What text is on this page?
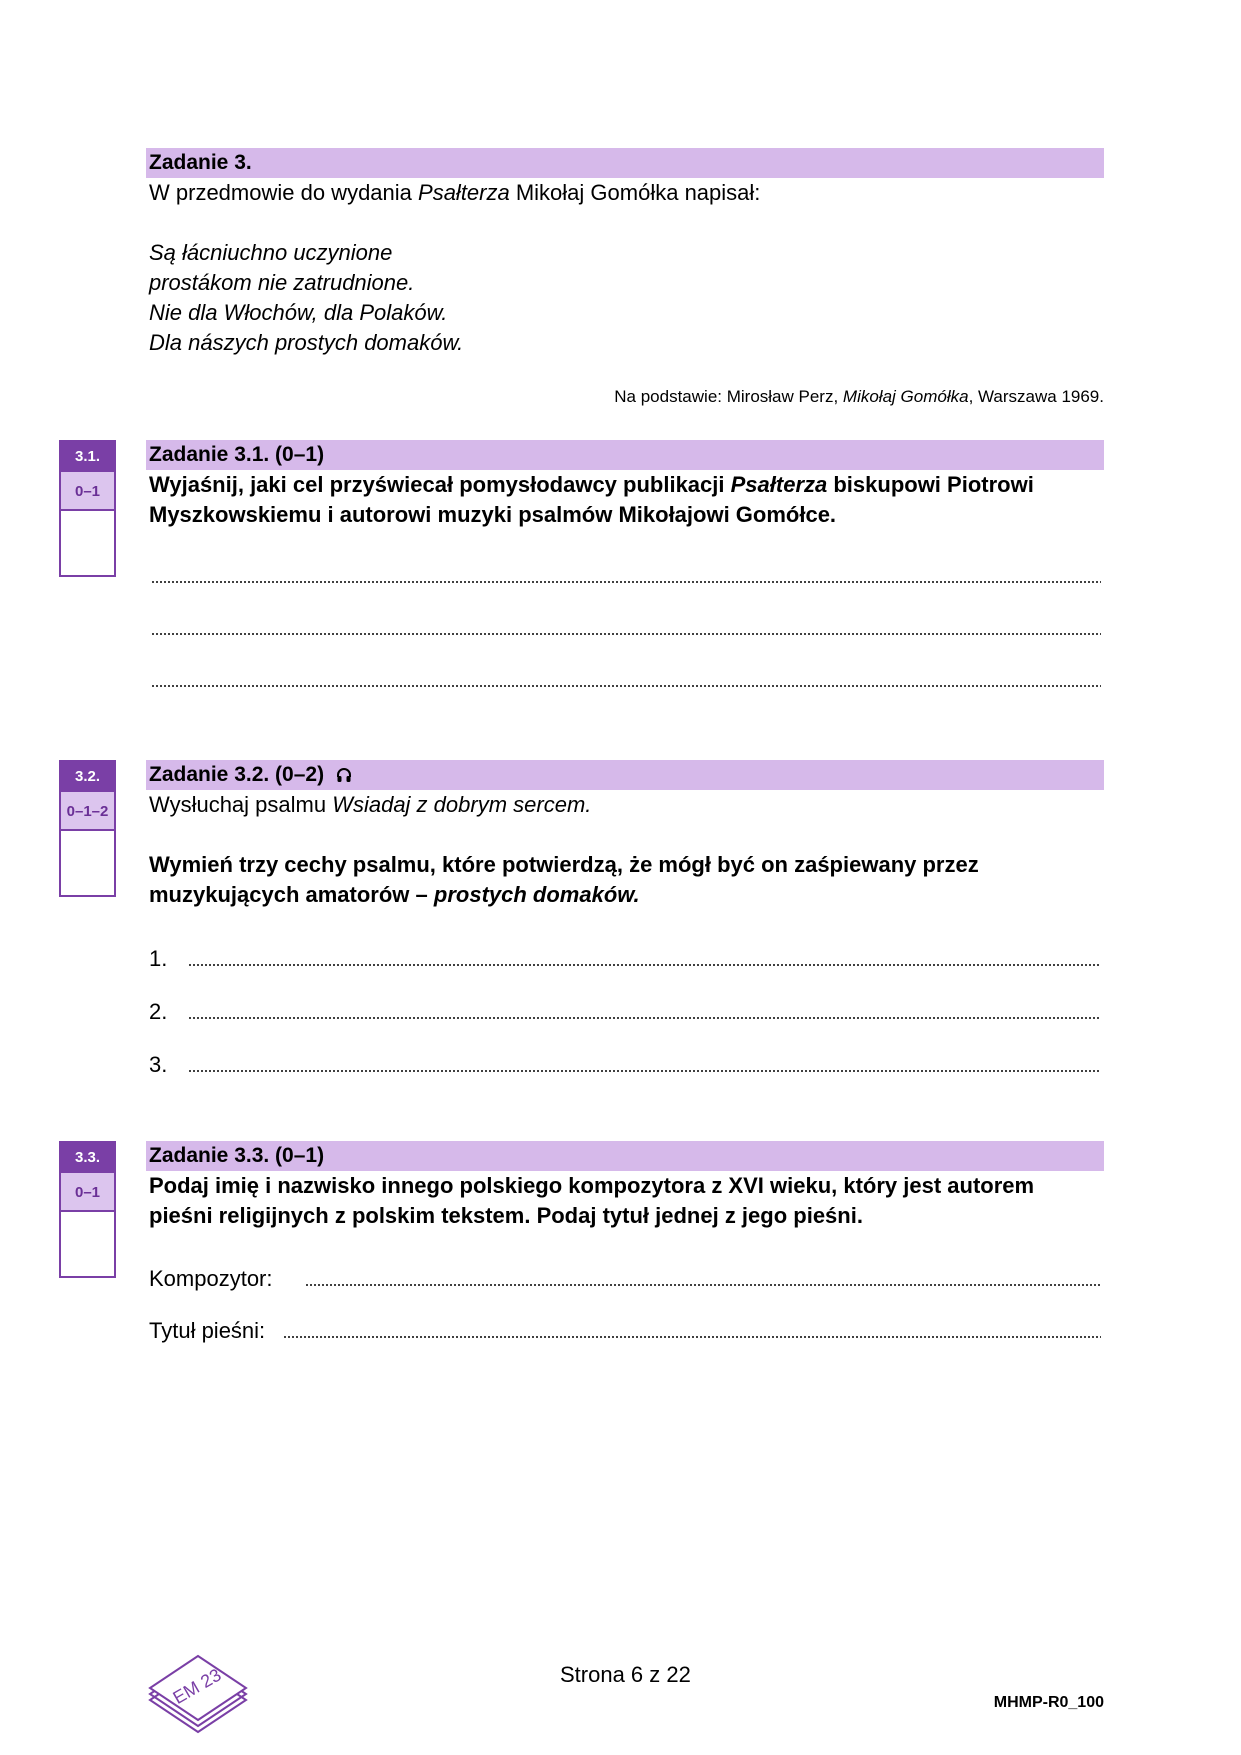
Zadanie 3.
W przedmowie do wydania Psałterza Mikołaj Gomółka napisał:
Są łácniuchno uczynione
prostákom nie zatrudnione.
Nie dla Włochów, dla Polaków.
Dla nászych prostych domaków.
Na podstawie: Mirosław Perz, Mikołaj Gomółka, Warszawa 1969.
3.1.
0–1
Zadanie 3.1. (0–1)
Wyjaśnij, jaki cel przyświecał pomysłodawcy publikacji Psałterza biskupowi Piotrowi
Myszkowskiemu i autorowi muzyki psalmów Mikołajowi Gomółce.
3.2.
0–1–2
Zadanie 3.2. (0–2)
Wysłuchaj psalmu Wsiadaj z dobrym sercem.
Wymień trzy cechy psalmu, które potwierdzą, że mógł być on zaśpiewany przez
muzykujących amatorów – prostych domaków.
1.
2.
3.
3.3.
0–1
Zadanie 3.3. (0–1)
Podaj imię i nazwisko innego polskiego kompozytora z XVI wieku, który jest autorem
pieśni religijnych z polskim tekstem. Podaj tytuł jednej z jego pieśni.
Kompozytor:
Tytuł pieśni:
EM 23	Strona 6 z 22
MHMP-R0_100
